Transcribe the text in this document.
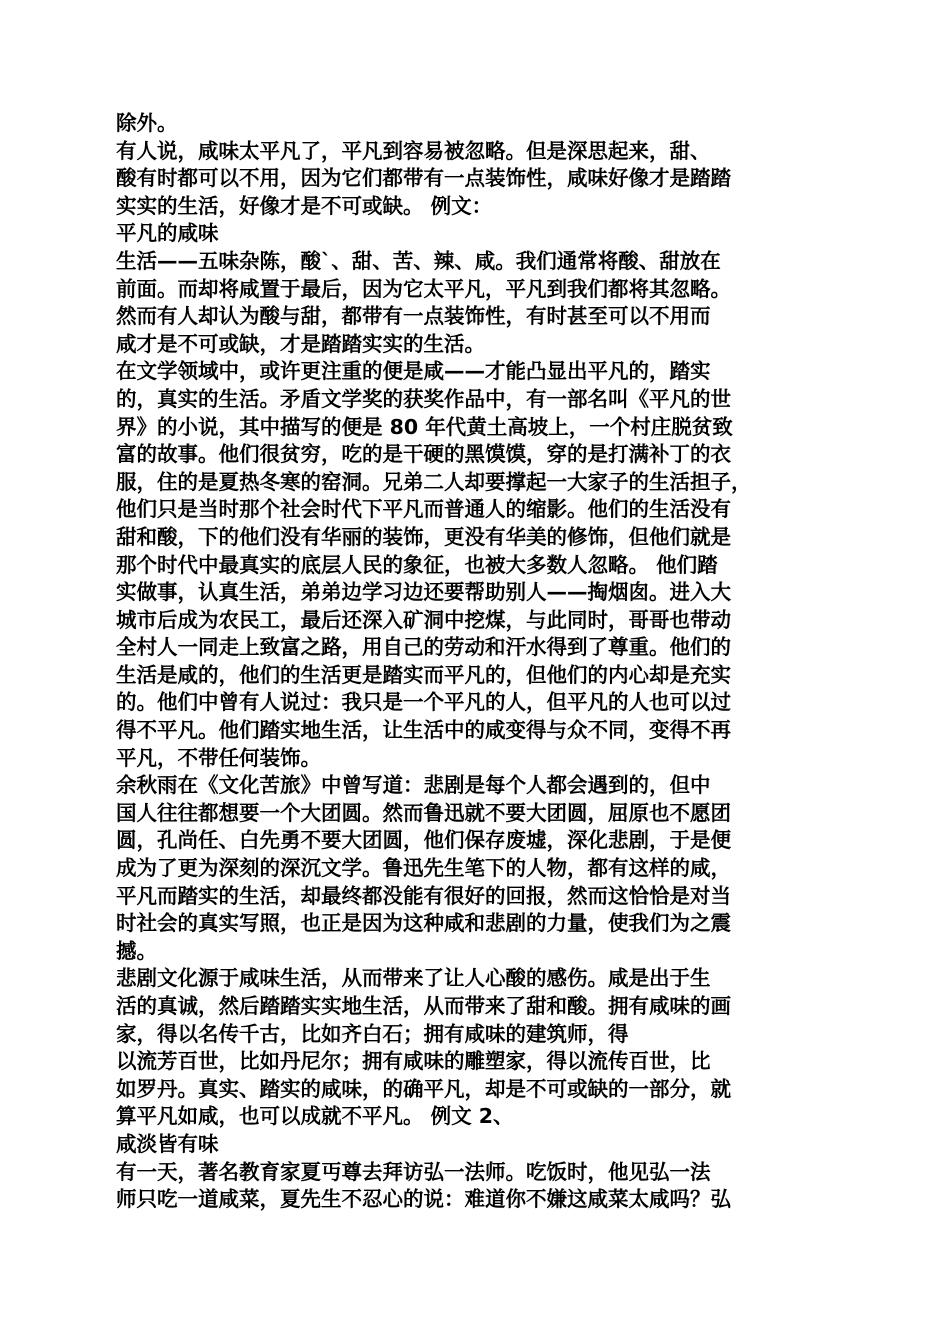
除外。
有人说，咸味太平凡了，平凡到容易被忽略。但是深思起来，甜、
酸有时都可以不用，因为它们都带有一点装饰性，咸味好像才是踏踏
实实的生活，好像才是不可或缺。 例文：
平凡的咸味
生活——五味杂陈，酸`、甜、苦、辣、咸。我们通常将酸、甜放在
前面。而却将咸置于最后，因为它太平凡，平凡到我们都将其忽略。
然而有人却认为酸与甜，都带有一点装饰性，有时甚至可以不用而
咸才是不可或缺，才是踏踏实实的生活。
在文学领域中，或许更注重的便是咸——才能凸显出平凡的，踏实
的，真实的生活。矛盾文学奖的获奖作品中，有一部名叫《平凡的世
界》的小说，其中描写的便是 80 年代黄土高坡上，一个村庄脱贫致
富的故事。他们很贫穷，吃的是干硬的黑馍馍，穿的是打满补丁的衣
服，住的是夏热冬寒的窑洞。兄弟二人却要撑起一大家子的生活担子，
他们只是当时那个社会时代下平凡而普通人的缩影。他们的生活没有
甜和酸，下的他们没有华丽的装饰，更没有华美的修饰，但他们就是
那个时代中最真实的底层人民的象征，也被大多数人忽略。 他们踏
实做事，认真生活，弟弟边学习边还要帮助别人——掏烟囱。进入大
城市后成为农民工，最后还深入矿洞中挖煤，与此同时，哥哥也带动
全村人一同走上致富之路，用自己的劳动和汗水得到了尊重。他们的
生活是咸的，他们的生活更是踏实而平凡的，但他们的内心却是充实
的。他们中曾有人说过：我只是一个平凡的人，但平凡的人也可以过
得不平凡。他们踏实地生活，让生活中的咸变得与众不同，变得不再
平凡，不带任何装饰。
余秋雨在《文化苦旅》中曾写道：悲剧是每个人都会遇到的，但中
国人往往都想要一个大团圆。然而鲁迅就不要大团圆，屈原也不愿团
圆，孔尚任、白先勇不要大团圆，他们保存废墟，深化悲剧，于是便
成为了更为深刻的深沉文学。鲁迅先生笔下的人物，都有这样的咸，
平凡而踏实的生活，却最终都没能有很好的回报，然而这恰恰是对当
时社会的真实写照，也正是因为这种咸和悲剧的力量，使我们为之震
撼。
悲剧文化源于咸味生活，从而带来了让人心酸的感伤。咸是出于生
活的真诚，然后踏踏实实地生活，从而带来了甜和酸。拥有咸味的画
家，得以名传千古，比如齐白石；拥有咸味的建筑师，得
以流芳百世，比如丹尼尔；拥有咸味的雕塑家，得以流传百世，比
如罗丹。真实、踏实的咸味，的确平凡，却是不可或缺的一部分，就
算平凡如咸，也可以成就不平凡。 例文 2、
咸淡皆有味
有一天，著名教育家夏丏尊去拜访弘一法师。吃饭时，他见弘一法
师只吃一道咸菜，夏先生不忍心的说：难道你不嫌这咸菜太咸吗？弘
